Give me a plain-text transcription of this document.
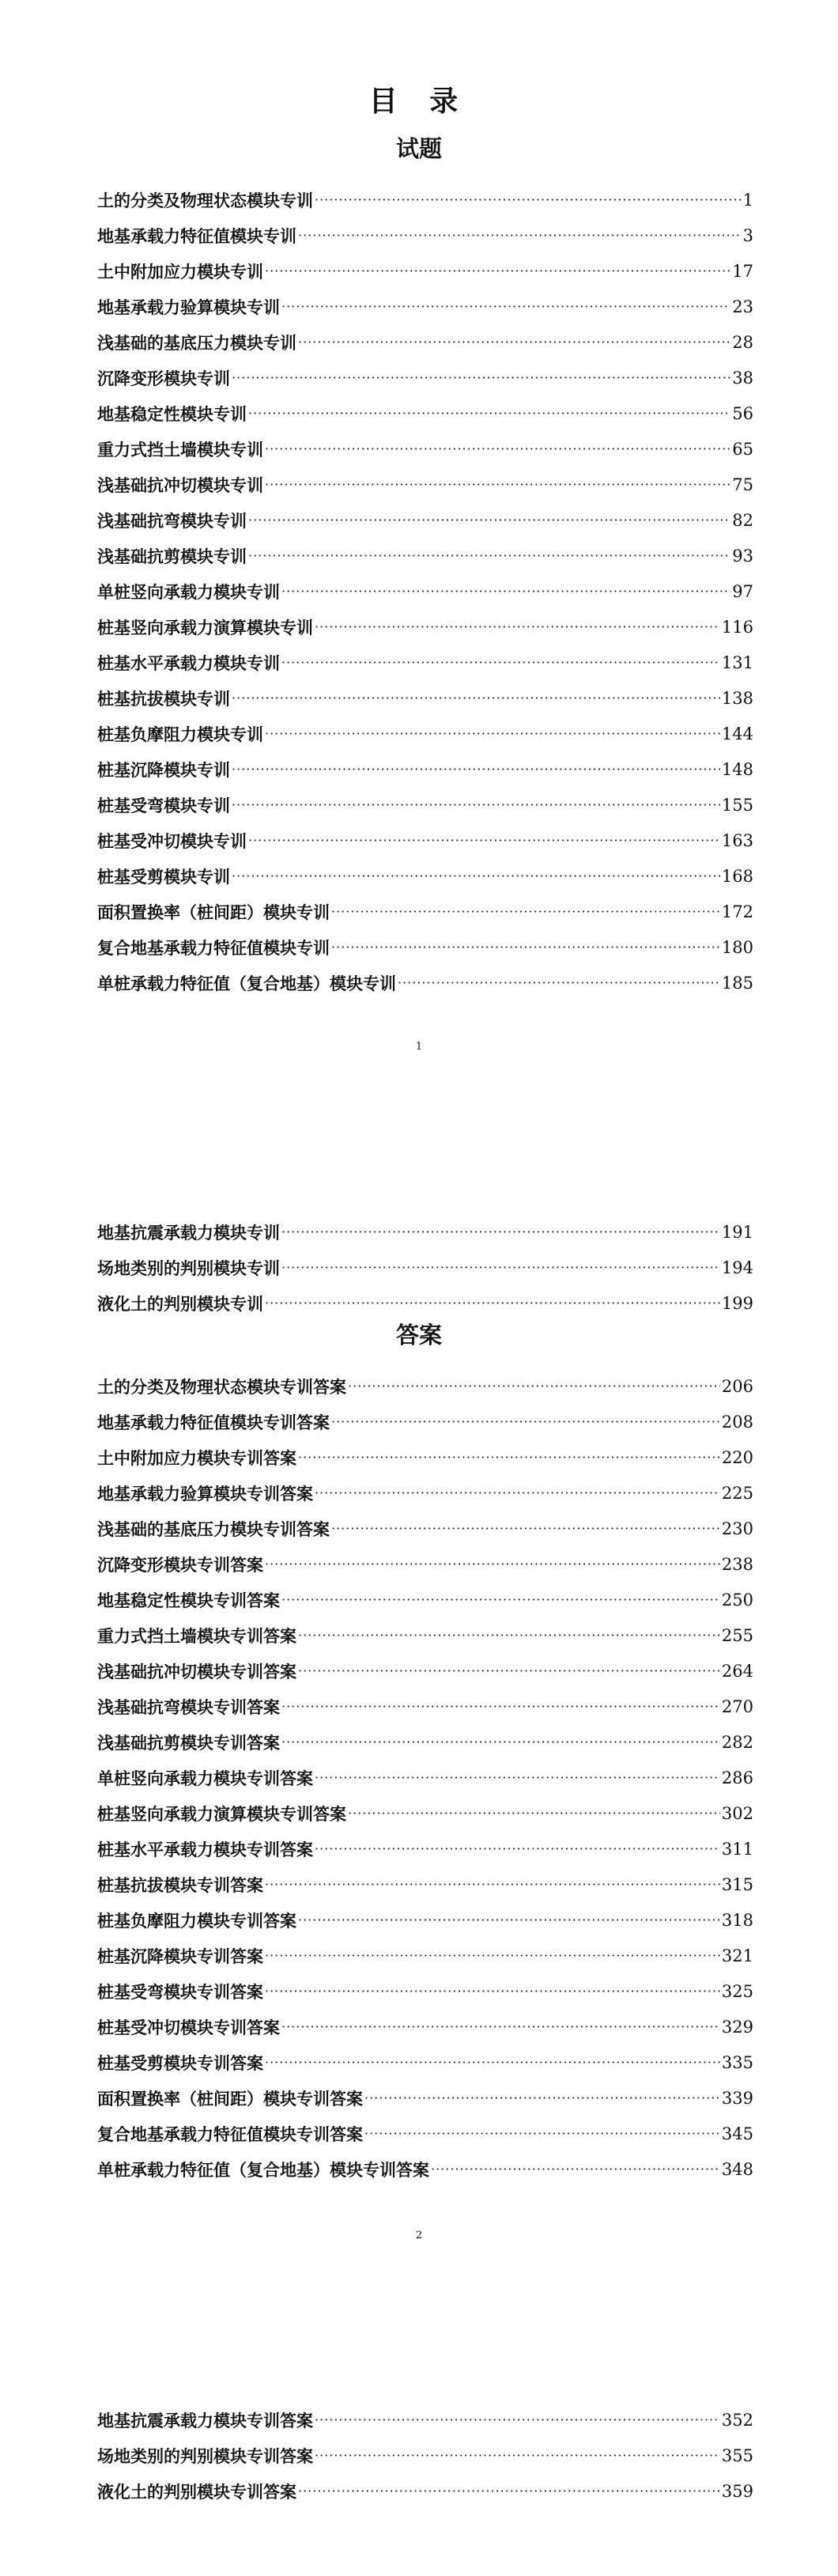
目 录
试题
土的分类及物理状态模块专训 ·····	1
地基承载力特征值模块专训 ·····	3
土中附加应力模块专训 ·····	17
地基承载力验算模块专训 ·····	23
浅基础的基底压力模块专训 ·····	28
沉降变形模块专训 ·····	38
地基稳定性模块专训 ·····	56
重力式挡土墙模块专训 ·····	65
浅基础抗冲切模块专训 ·····	75
浅基础抗弯模块专训 ·····	82
浅基础抗剪模块专训 ·····	93
单桩竖向承载力模块专训 ·····	97
桩基竖向承载力演算模块专训 ·····	116
桩基水平承载力模块专训 ·····	131
桩基抗拔模块专训 ·····	138
桩基负摩阻力模块专训 ·····	144
桩基沉降模块专训 ·····	148
桩基受弯模块专训 ·····	155
桩基受冲切模块专训 ·····	163
桩基受剪模块专训 ·····	168
面积置换率（桩间距）模块专训 ·····	172
复合地基承载力特征值模块专训 ·····	180
单桩承载力特征值（复合地基）模块专训 ·····	185
1
地基抗震承载力模块专训 ·····	191
场地类别的判别模块专训 ·····	194
液化土的判别模块专训 ·····	199
答案
土的分类及物理状态模块专训答案 ·····	206
地基承载力特征值模块专训答案 ·····	208
土中附加应力模块专训答案 ·····	220
地基承载力验算模块专训答案 ·····	225
浅基础的基底压力模块专训答案 ·····	230
沉降变形模块专训答案 ·····	238
地基稳定性模块专训答案 ·····	250
重力式挡土墙模块专训答案 ·····	255
浅基础抗冲切模块专训答案 ·····	264
浅基础抗弯模块专训答案 ·····	270
浅基础抗剪模块专训答案 ·····	282
单桩竖向承载力模块专训答案 ·····	286
桩基竖向承载力演算模块专训答案 ·····	302
桩基水平承载力模块专训答案 ·····	311
桩基抗拔模块专训答案 ·····	315
桩基负摩阻力模块专训答案 ·····	318
桩基沉降模块专训答案 ·····	321
桩基受弯模块专训答案 ·····	325
桩基受冲切模块专训答案 ·····	329
桩基受剪模块专训答案 ·····	335
面积置换率（桩间距）模块专训答案 ·····	339
复合地基承载力特征值模块专训答案 ·····	345
单桩承载力特征值（复合地基）模块专训答案 ·····	348
2
地基抗震承载力模块专训答案 ·····	352
场地类别的判别模块专训答案 ·····	355
液化土的判别模块专训答案 ·····	359
